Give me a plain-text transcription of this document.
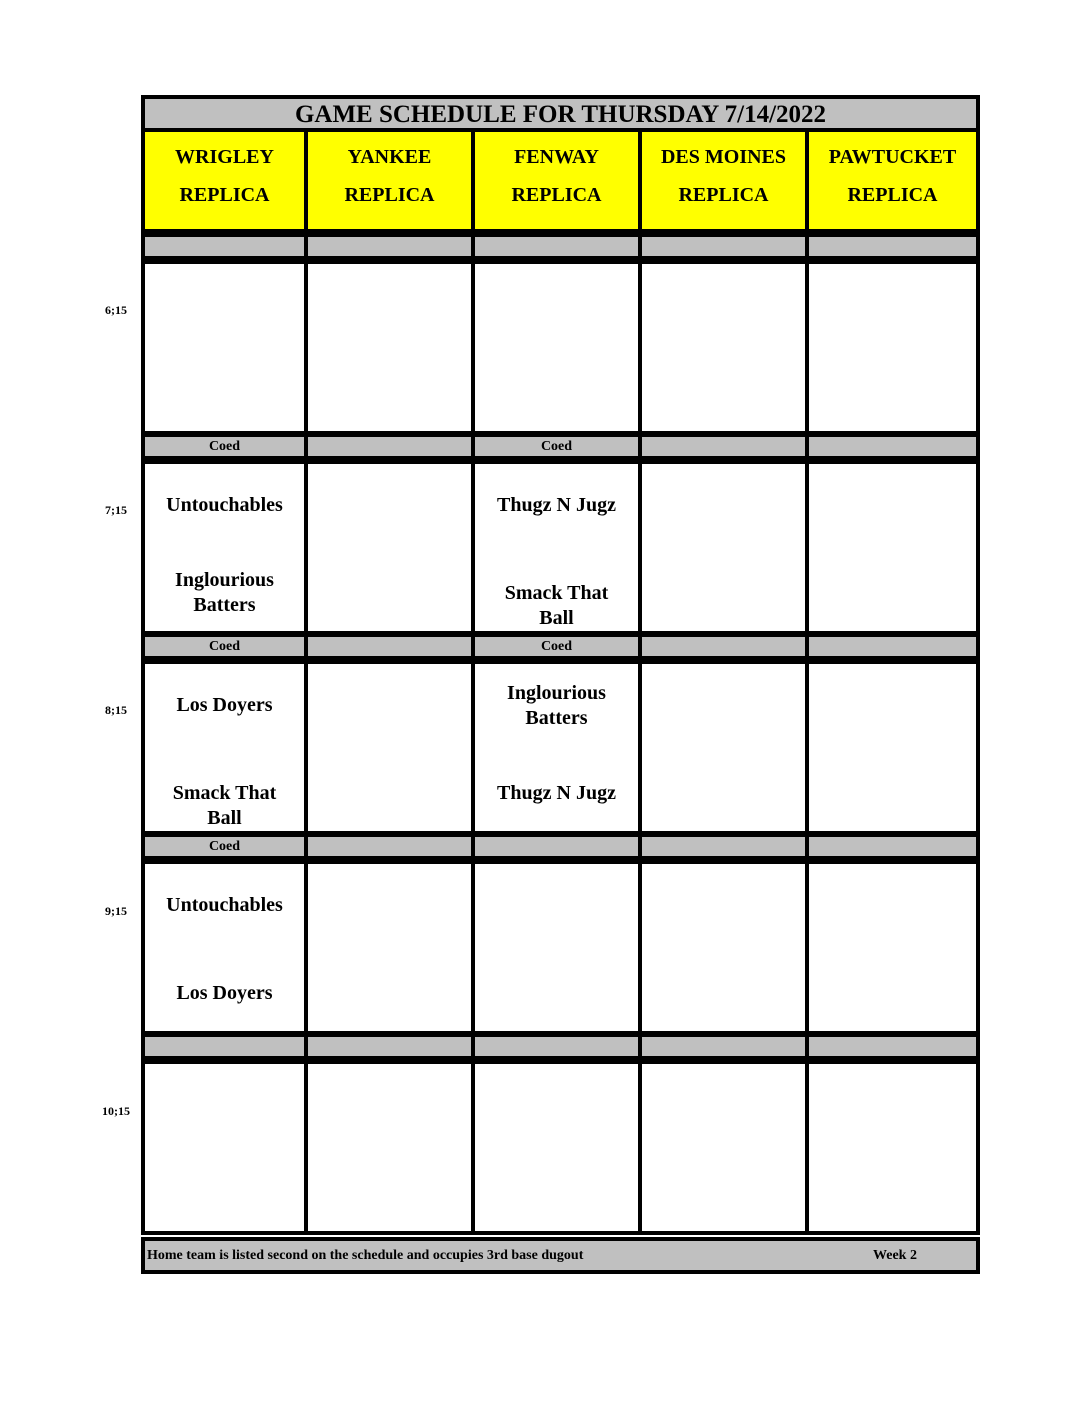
GAME SCHEDULE FOR THURSDAY 7/14/2022
Home team is listed second on the schedule and occupies 3rd base dugout	Week 2
WRIGLEY
REPLICA
YANKEE
REPLICA
FENWAY
REPLICA
DES MOINES
REPLICA
PAWTUCKET
REPLICA
Coed
Untouchables
Inglourious Batters
Coed
Thugz N Jugz
Smack That Ball
Coed
Los Doyers
Smack That Ball
Coed
Inglourious Batters
Thugz N Jugz
Coed
Untouchables
Los Doyers
6;15
7;15
8;15
9;15
10;15
